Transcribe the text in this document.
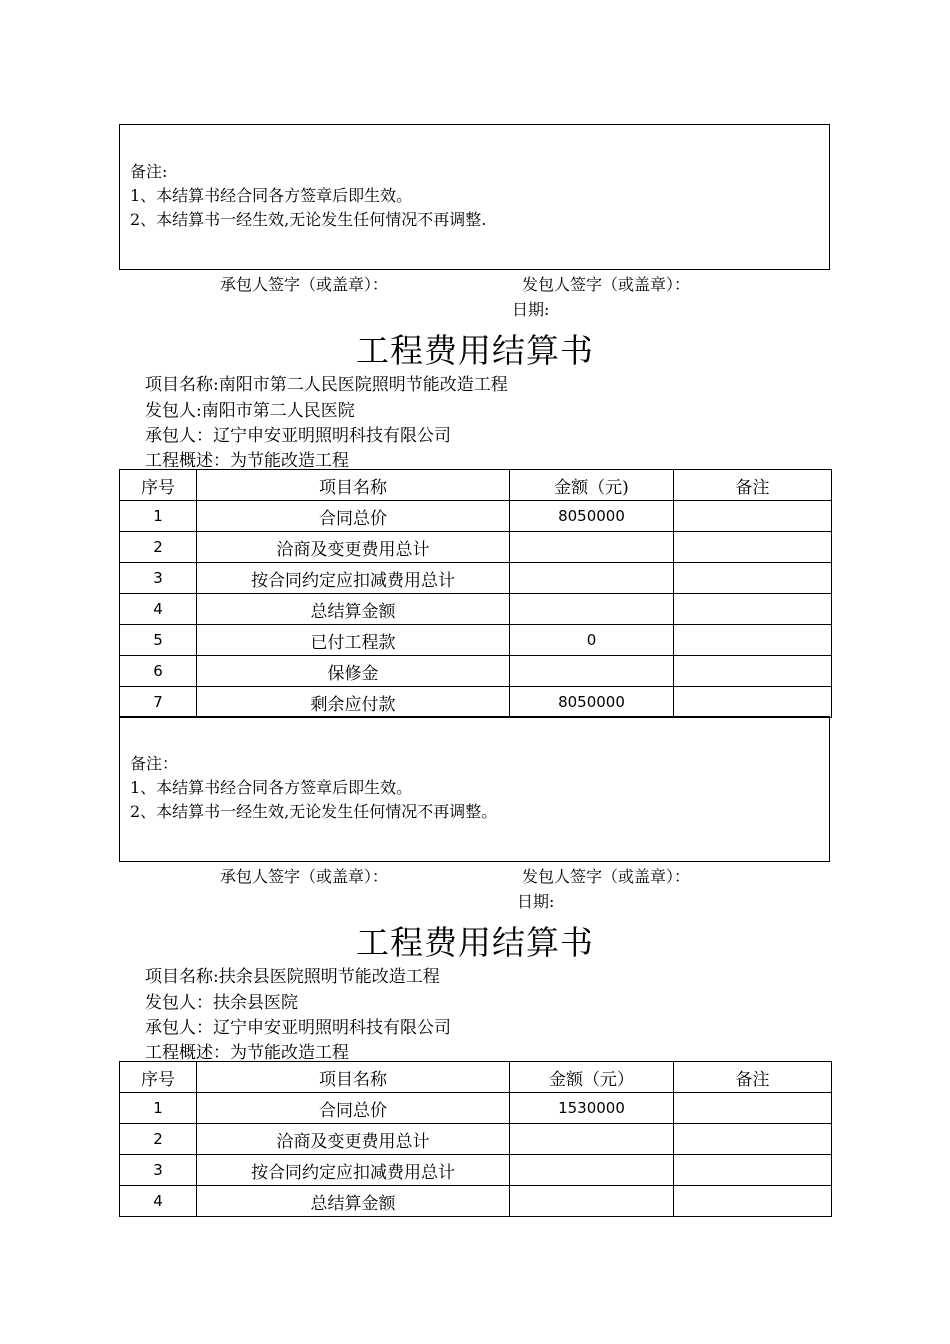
备注:
1、本结算书经合同各方签章后即生效。
2、本结算书一经生效,无论发生任何情况不再调整.
承包人签字（或盖章）：	发包人签字（或盖章）：
日期:
工程费用结算书
项目名称:南阳市第二人民医院照明节能改造工程
发包人:南阳市第二人民医院
承包人：辽宁申安亚明照明科技有限公司
工程概述：为节能改造工程
序号	项目名称	金额（元)	备注
1	合同总价	8050000	
2	洽商及变更费用总计		
3	按合同约定应扣减费用总计		
4	总结算金额		
5	已付工程款	0	
6	保修金		
7	剩余应付款	8050000	
备注：
1、本结算书经合同各方签章后即生效。
2、本结算书一经生效,无论发生任何情况不再调整。
承包人签字（或盖章）：	发包人签字（或盖章）：
日期:
工程费用结算书
项目名称:扶余县医院照明节能改造工程
发包人：扶余县医院
承包人：辽宁申安亚明照明科技有限公司
工程概述：为节能改造工程
序号	项目名称	金额（元）	备注
1	合同总价	1530000	
2	洽商及变更费用总计		
3	按合同约定应扣减费用总计		
4	总结算金额		
